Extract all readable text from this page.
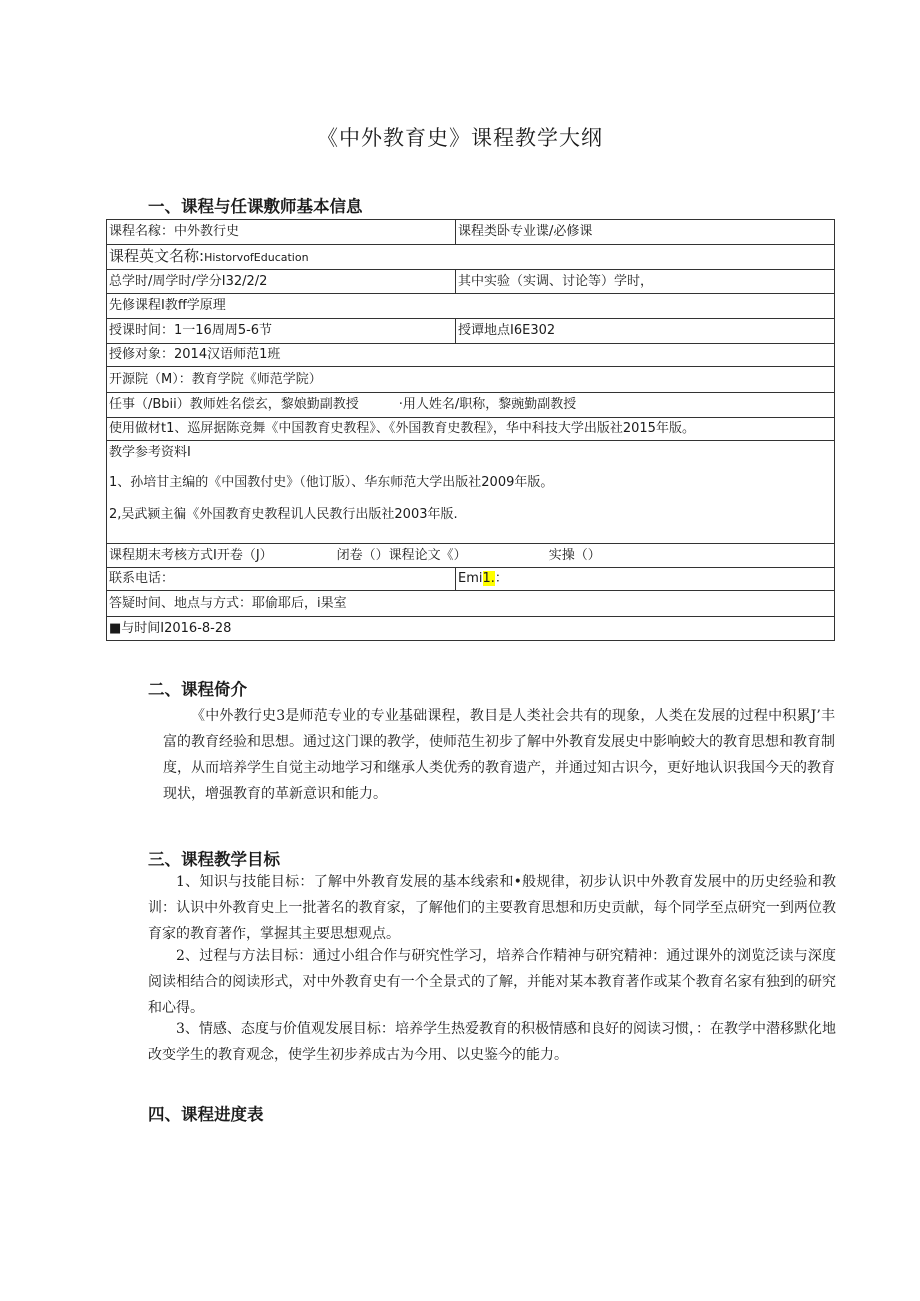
《中外教育史》课程教学大纲
一、课程与任课敷师基本信息
课程名稼：中外教行史	课程类卧专业谍/必修课
课程英文名称:HistorvofEducation	
总学时/周学时/学分I32/2/2	其中实验（实调、讨论等）学时，
先修课程I教ff学原理	
授课时间：1一16周周5-6节	授谭地点I6E302
授修对象：2014汉语师范1班	
开源院（M）：教育学院《师范学院）	
任事（/Bbii）教师姓名偿玄，黎娘勤副教授 ·用人姓名/职称，黎豌勤副教授	
使用做材t1、巡屏据陈竞舞《中国教育史教程》、《外国教育史教程》，华中科技大学出版社2015年版。	

教学参考资料I
1、孙培甘主编的《中国教付史》（他订版）、华东师范大学出版社2009年版。
2,吴武颍主徧《外国教育史教程讥人民教行出版社2003年版.	

课程期末考核方式I开卷（J） 闭卷（）课程论文《） 实操（）	
联系电话：	Emi1.：
答疑时间、地点与方式：耶偷耶后，i果室	
■与时间I2016-8-28	
二、课程倚介
《中外教行史3是师范专业的专业基础课程，教目是人类社会共有的现象，人类在发展的过程中积累J’丰富的教育经验和思想。通过这门课的教学，使师范生初步了解中外教育发展史中影响蛟大的教育思想和教育制度，从而培养学生自觉主动地学习和继承人类优秀的教育遗产，并通过知古识今，更好地认识我国今天的教育现状，增强教育的革新意识和能力。
三、课程教学目标
1、知识与技能目标：了解中外教育发展的基本线索和•般规律，初步认识中外教育发展中的历史经验和教训：认识中外教育史上一批著名的教育家，了解他们的主要教育思想和历史贡献，每个同学至点研究一到两位教育家的教育著作，掌握其主要思想观点。
2、过程与方法目标：通过小组合作与研究性学习，培养合作精神与研究精神：通过课外的浏览泛读与深度阅读相结合的阅读形式，对中外教育史有一个全景式的了解，并能对某本教育著作或某个教育名家有独到的研究和心得。
3、情感、态度与价值观发展目标：培养学生热爱教育的积极情感和良好的阅读习惯，：在教学中潜移默化地改变学生的教育观念，使学生初步养成古为今用、以史鉴今的能力。
四、课程进度表
